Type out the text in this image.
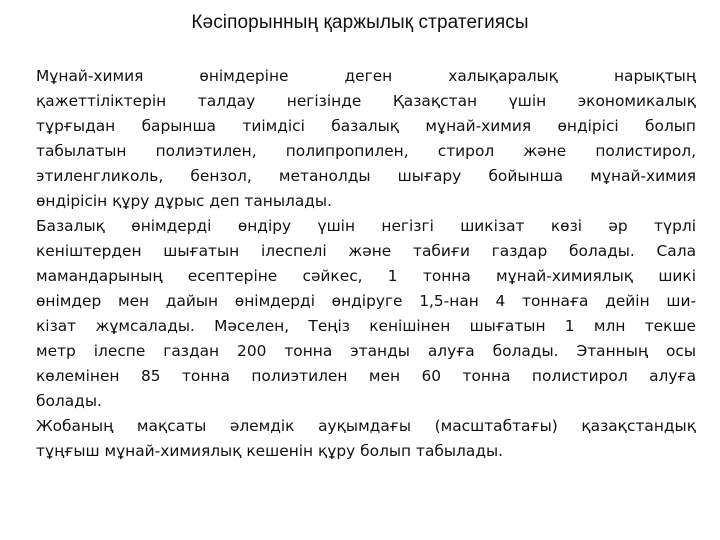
Кәсіпорынның қаржылық стратегиясы
Мұнай-химия өнімдеріне деген халықаралық нарықтың
қажеттіліктерін талдау негізінде Қазақстан үшін экономикалық
тұрғыдан барынша тиімдісі базалық мұнай-химия өндірісі болып
табылатын полиэтилен, полипропилен, стирол және полистирол,
этиленгликоль, бензол, метанолды шығару бойынша мұнай-химия
өндірісін құру дұрыс деп танылады.
Базалық өнімдерді өндіру үшін негізгі шикізат көзі әр түрлі
кеніштерден шығатын ілеспелі және табиғи газдар болады. Сала
мамандарының есептеріне сәйкес, 1 тонна мұнай-химиялық шикі
өнімдер мен дайын өнімдерді өндіруге 1,5-нан 4 тоннаға дейін ши-
кізат жұмсалады. Мәселен, Теңіз кенішінен шығатын 1 млн текше
метр ілеспе газдан 200 тонна этанды алуға болады. Этанның осы
көлемінен 85 тонна полиэтилен мен 60 тонна полистирол алуға
болады.
Жобаның мақсаты әлемдік ауқымдағы (масштабтағы) қазақстандық
тұңғыш мұнай-химиялық кешенін құру болып табылады.
